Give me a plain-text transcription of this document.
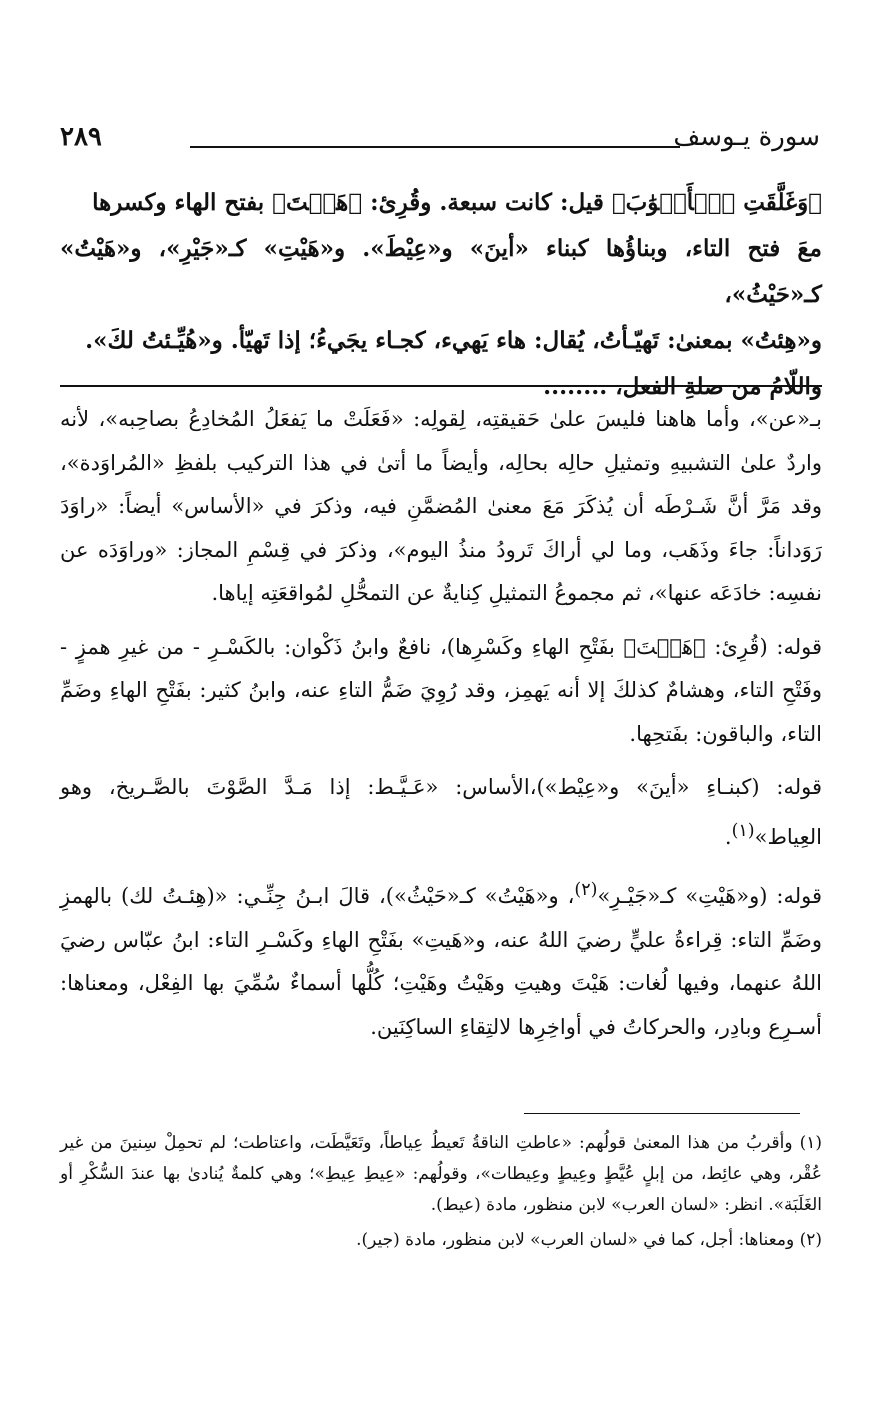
سورة يـوسف
٢٨٩
﴿وَغَلَّقَتِ ٱلۡأَبۡوَٰبَ﴾ قيل: كانت سبعة. وقُرِئ: ﴿هَيۡتَ﴾ بفتح الهاء وكسرها
معَ فتح التاء، وبناؤُها كبناء «أينَ» و«عِيْطَ». و«هَيْتِ» كـ«جَيْرِ»، و«هَيْتُ» كـ«حَيْثُ»،
و«هِئتُ» بمعنىٰ: تَهيّـأتُ، يُقال: هاء يَهيء، كجـاء يجَيءُ؛ إذا تَهيّأ. و«هُيِّـئتُ لكَ».
واللّامُ من صلةِ الفعل، ........

بـ«عن»، وأما هاهنا فليسَ علىٰ حَقيقتِه، لِقولِه: «فَعَلَتْ ما يَفعَلُ المُخادِعُ بصاحِبه»، لأنه واردٌ علىٰ التشبيهِ وتمثيلِ حالِه بحالِه، وأيضاً ما أتىٰ في هذا التركيب بلفظِ «المُراوَدة»، وقد مَرَّ أنَّ شَـرْطَه أن يُذكَرَ مَعَ معنىٰ المُضمَّنِ فيه، وذكرَ في «الأساس» أيضاً: «راوَدَ رَوَداناً: جاءَ وذَهَب، وما لي أراكَ تَرودُ منذُ اليوم»، وذكرَ في قِسْمِ المجاز: «وراوَدَه عن نفسِه: خادَعَه عنها»، ثم مجموعُ التمثيلِ كِنايةٌ عن التمحُّلِ لمُواقعَتِه إياها.

قوله: (قُرِئ: ﴿هَيۡتَ﴾ بفَتْحِ الهاءِ وكَسْرِها)، نافعٌ وابنُ ذَكْوان: بالكَسْـرِ - من غيرِ همزٍ - وفَتْحِ التاء، وهشامٌ كذلكَ إلا أنه يَهمِز، وقد رُوِيَ ضَمُّ التاءِ عنه، وابنُ كثير: بفَتْحِ الهاءِ وضَمِّ التاء، والباقون: بفَتحِها.

قوله: (كبنـاءِ «أينَ» و«عِيْط»)،الأساس: «عَـيَّـط: إذا مَـدَّ الصَّوْتَ بالصَّـريخ، وهو العِياط»$^{(١)}$.

قوله: (و«هَيْتِ» كـ«جَيْـرِ»$^{(٢)}$، و«هَيْتُ» كـ«حَيْثُ»)، قالَ ابـنُ جِنِّـي: «(هِئـتُ لك) بالهمزِ وضَمِّ التاء: قِراءةُ عليٍّ رضيَ اللهُ عنه، و«هَيتِ» بفَتْحِ الهاءِ وكَسْـرِ التاء: ابنُ عبّاس رضيَ اللهُ عنهما، وفيها لُغات: هَيْتَ وهيتِ وهَيْتُ وهَيْتِ؛ كُلُّها أسماءٌ سُمِّيَ بها الفِعْل، ومعناها: أسـرِع وبادِر، والحركاتُ في أواخِرِها لالتِقاءِ الساكِنَين.

(١) وأقربُ من هذا المعنىٰ قولُهم: «عاطتِ الناقةُ تَعيطُ عِياطاً، وتَعَيَّطَت، واعتاطت؛ لم تحمِلْ سِنينَ من غير عُقْر، وهي عائِط، من إبلٍ عُيَّطٍ وعِيطٍ وعِيطات»، وقولُهم: «عِيطِ عِيطِ»؛ وهي كلمةٌ يُنادىٰ بها عندَ السُّكْرِ أو الغَلَبَة». انظر: «لسان العرب» لابن منظور، مادة (عيط).

(٢) ومعناها: أجل، كما في «لسان العرب» لابن منظور، مادة (جير).
